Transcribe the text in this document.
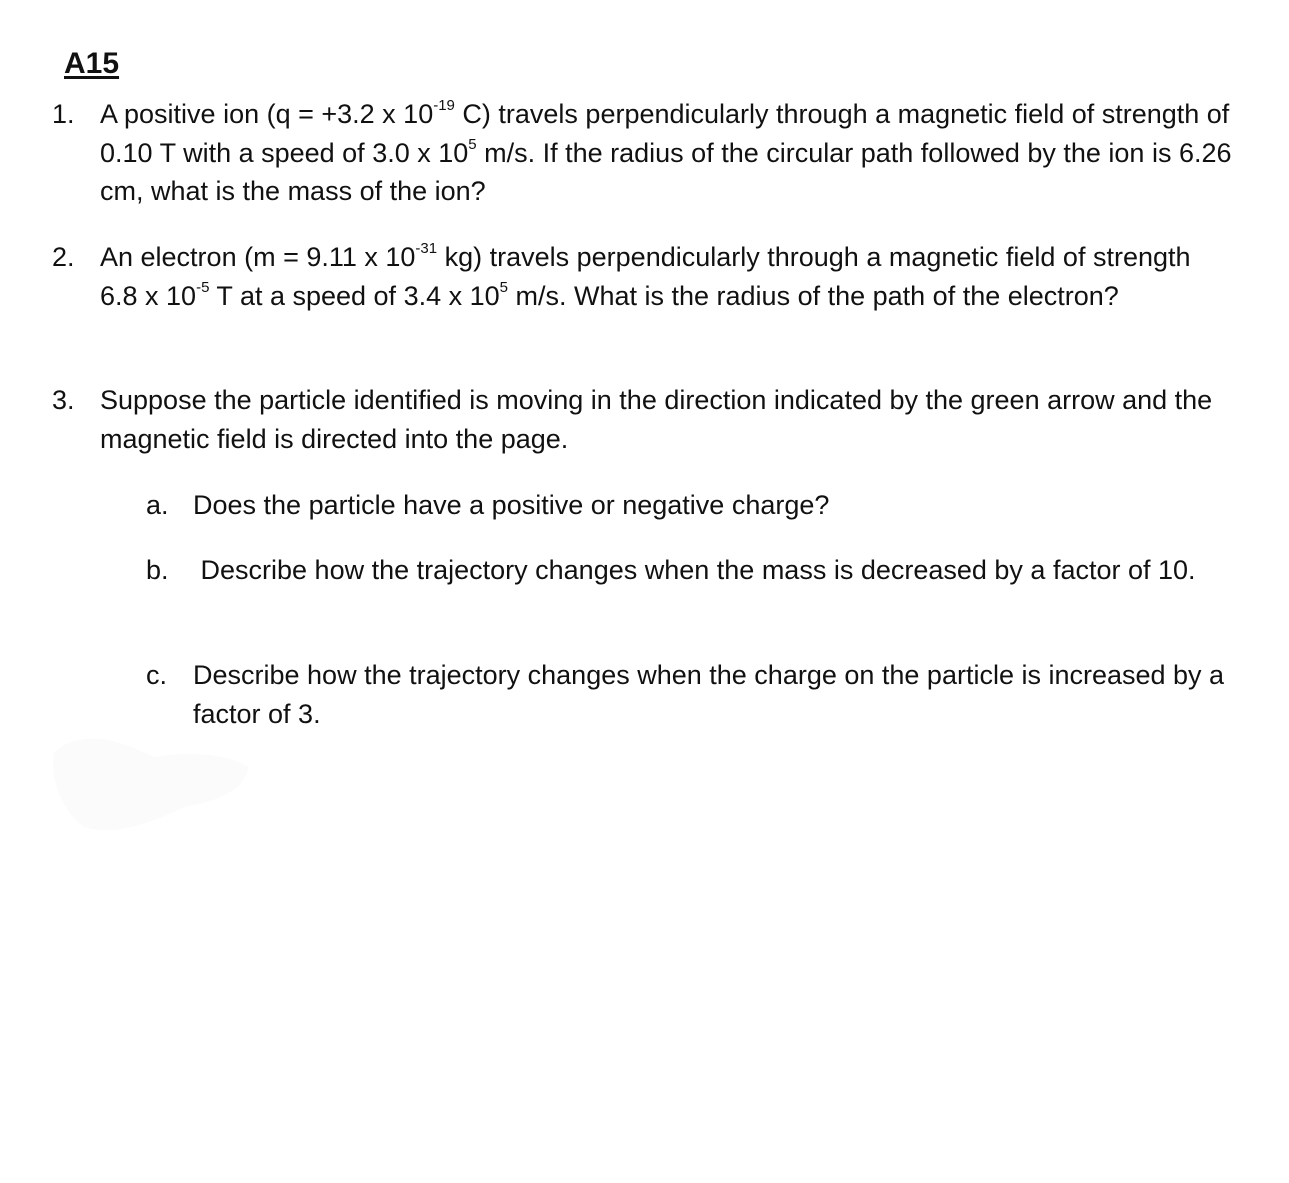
A15
1. A positive ion (q = +3.2 x $10^{-19}$ C) travels perpendicularly through a magnetic field of strength of 0.10 T with a speed of 3.0 x $10^5$ m/s. If the radius of the circular path followed by the ion is 6.26 cm, what is the mass of the ion?
2. An electron (m = 9.11 x $10^{-31}$ kg) travels perpendicularly through a magnetic field of strength 6.8 x $10^{-5}$ T at a speed of 3.4 x $10^5$ m/s. What is the radius of the path of the electron?
3. Suppose the particle identified is moving in the direction indicated by the green arrow and the magnetic field is directed into the page.
a. Does the particle have a positive or negative charge?
b. Describe how the trajectory changes when the mass is decreased by a factor of 10.
c. Describe how the trajectory changes when the charge on the particle is increased by a factor of 3.
